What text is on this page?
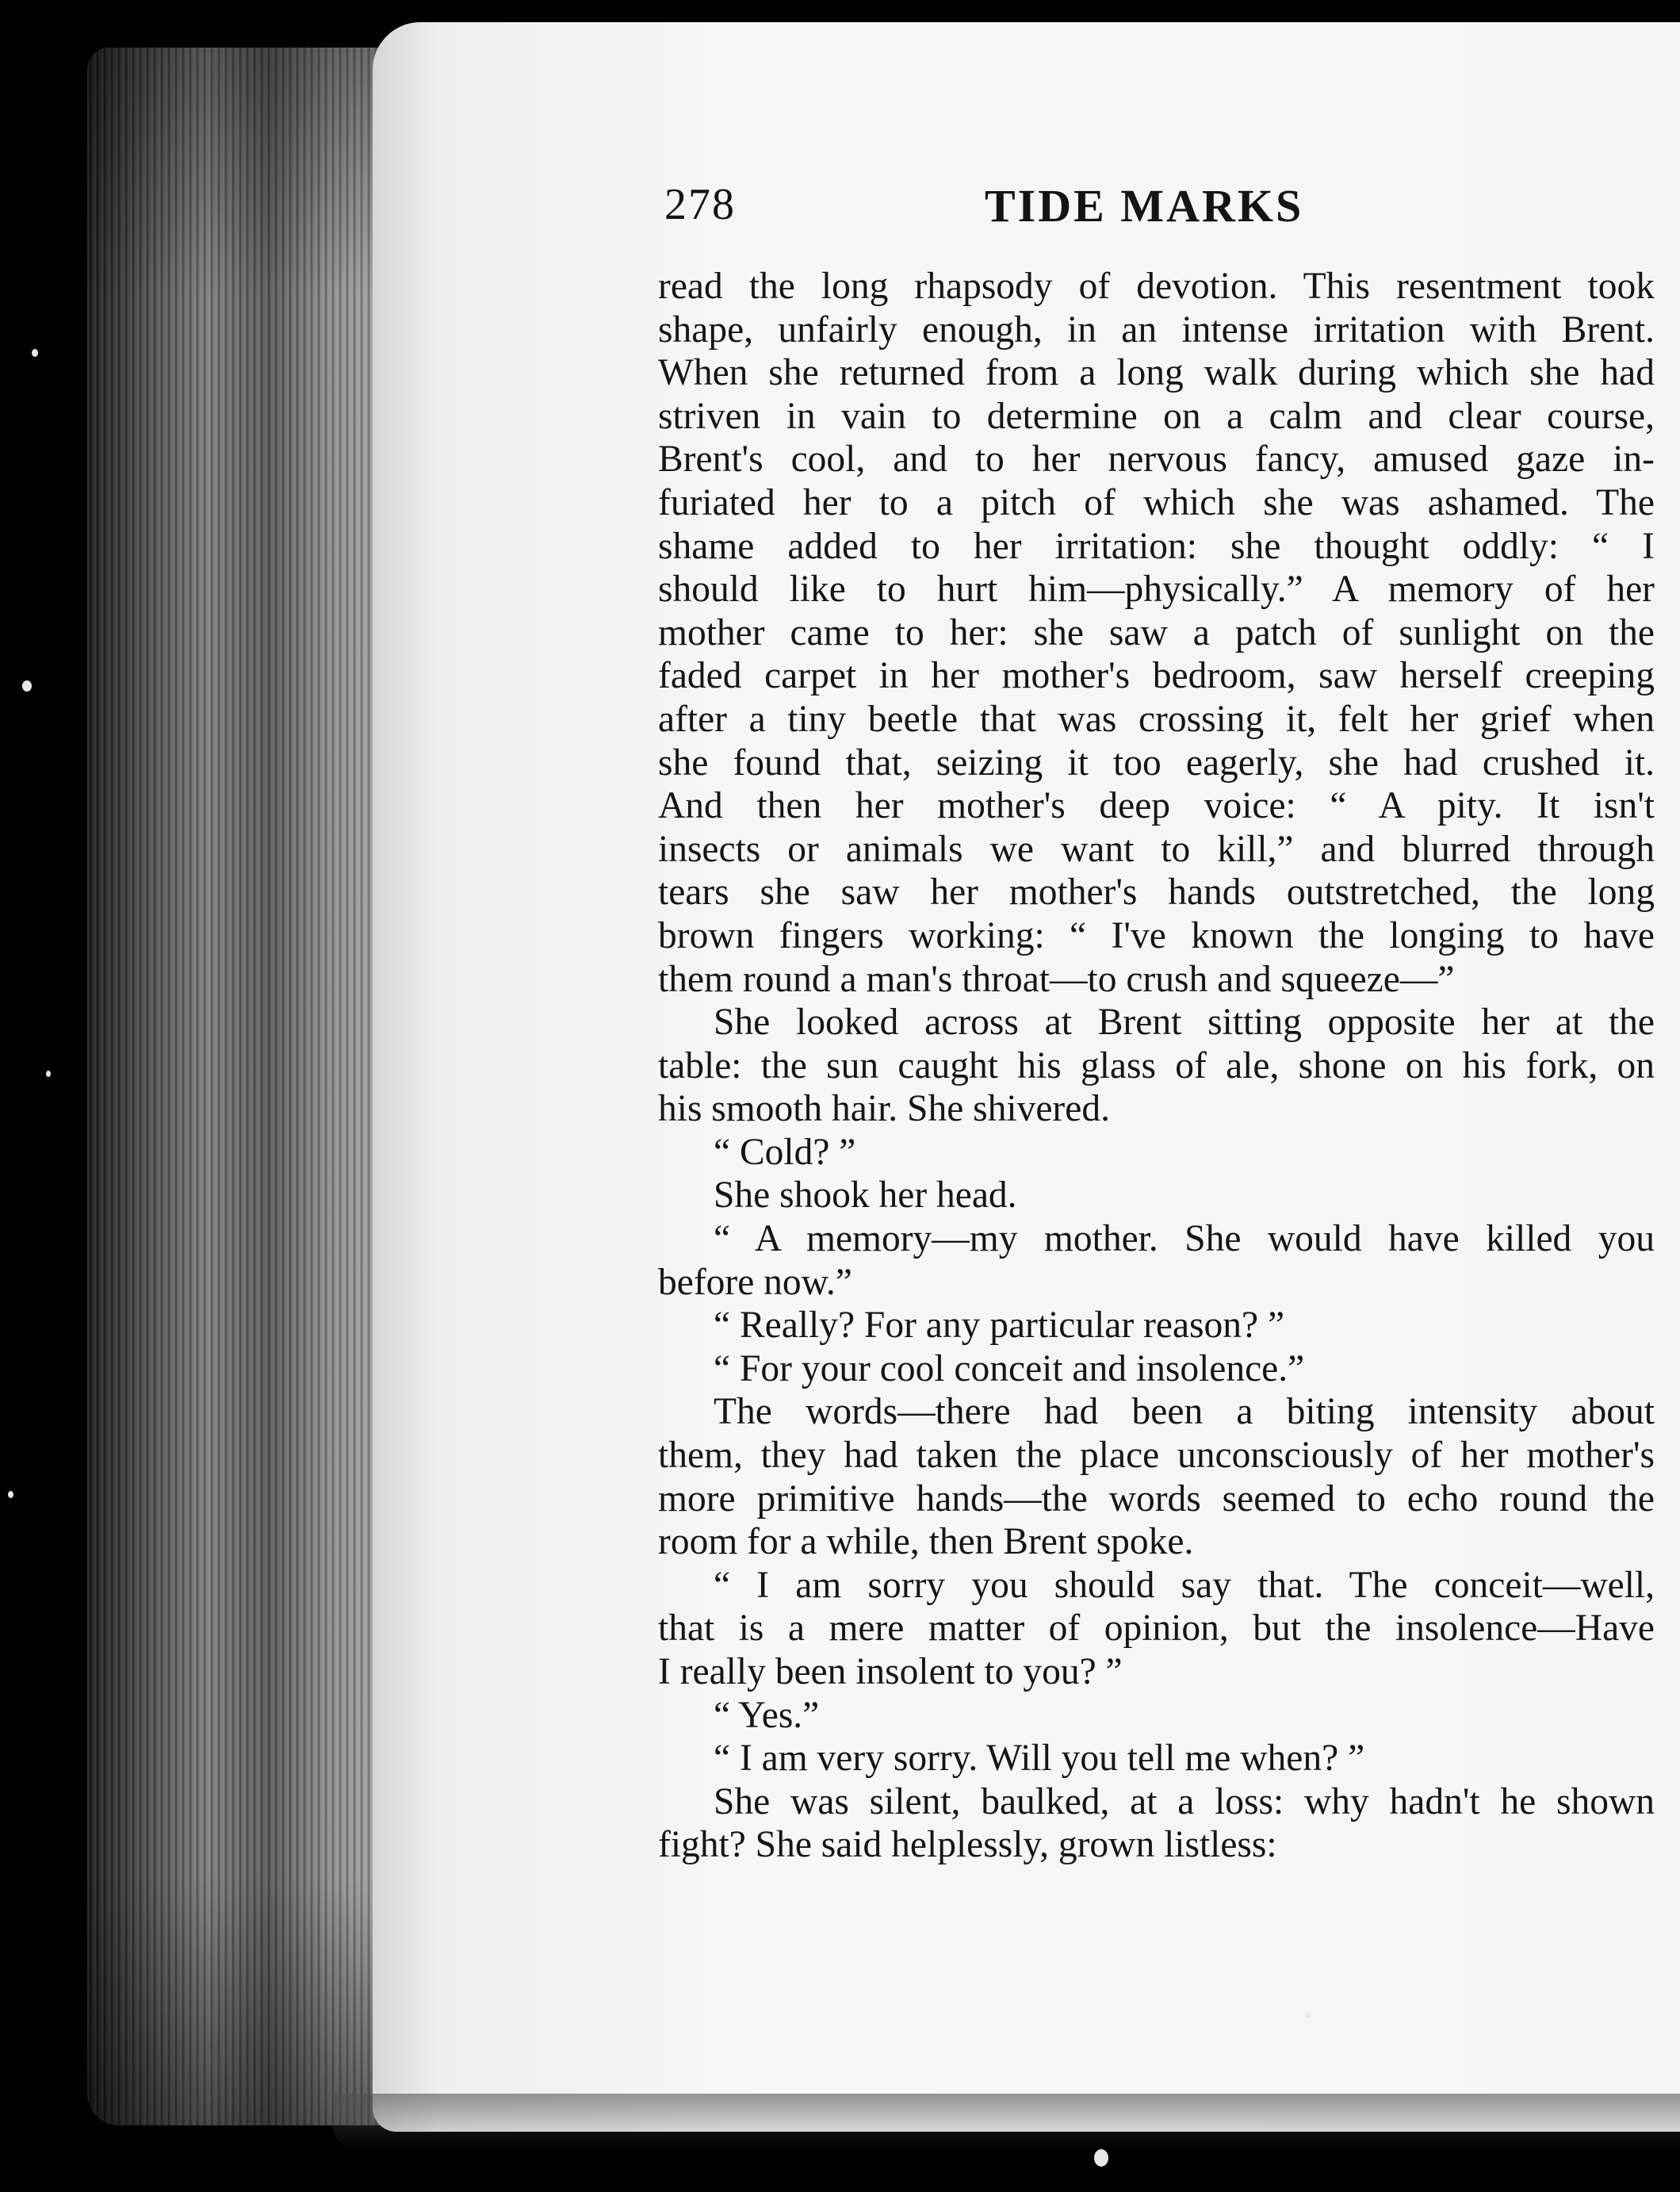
278	TIDE MARKS
read the long rhapsody of devotion. This resentment took
shape, unfairly enough, in an intense irritation with Brent.
When she returned from a long walk during which she had
striven in vain to determine on a calm and clear course,
Brent's cool, and to her nervous fancy, amused gaze in-
furiated her to a pitch of which she was ashamed. The
shame added to her irritation: she thought oddly: “ I
should like to hurt him—physically.” A memory of her
mother came to her: she saw a patch of sunlight on the
faded carpet in her mother's bedroom, saw herself creeping
after a tiny beetle that was crossing it, felt her grief when
she found that, seizing it too eagerly, she had crushed it.
And then her mother's deep voice: “ A pity. It isn't
insects or animals we want to kill,” and blurred through
tears she saw her mother's hands outstretched, the long
brown fingers working: “ I've known the longing to have
them round a man's throat—to crush and squeeze—”
She looked across at Brent sitting opposite her at the
table: the sun caught his glass of ale, shone on his fork, on
his smooth hair. She shivered.
“ Cold? ”
She shook her head.
“ A memory—my mother. She would have killed you
before now.”
“ Really? For any particular reason? ”
“ For your cool conceit and insolence.”
The words—there had been a biting intensity about
them, they had taken the place unconsciously of her mother's
more primitive hands—the words seemed to echo round the
room for a while, then Brent spoke.
“ I am sorry you should say that. The conceit—well,
that is a mere matter of opinion, but the insolence—Have
I really been insolent to you? ”
“ Yes.”
“ I am very sorry. Will you tell me when? ”
She was silent, baulked, at a loss: why hadn't he shown
fight? She said helplessly, grown listless:
